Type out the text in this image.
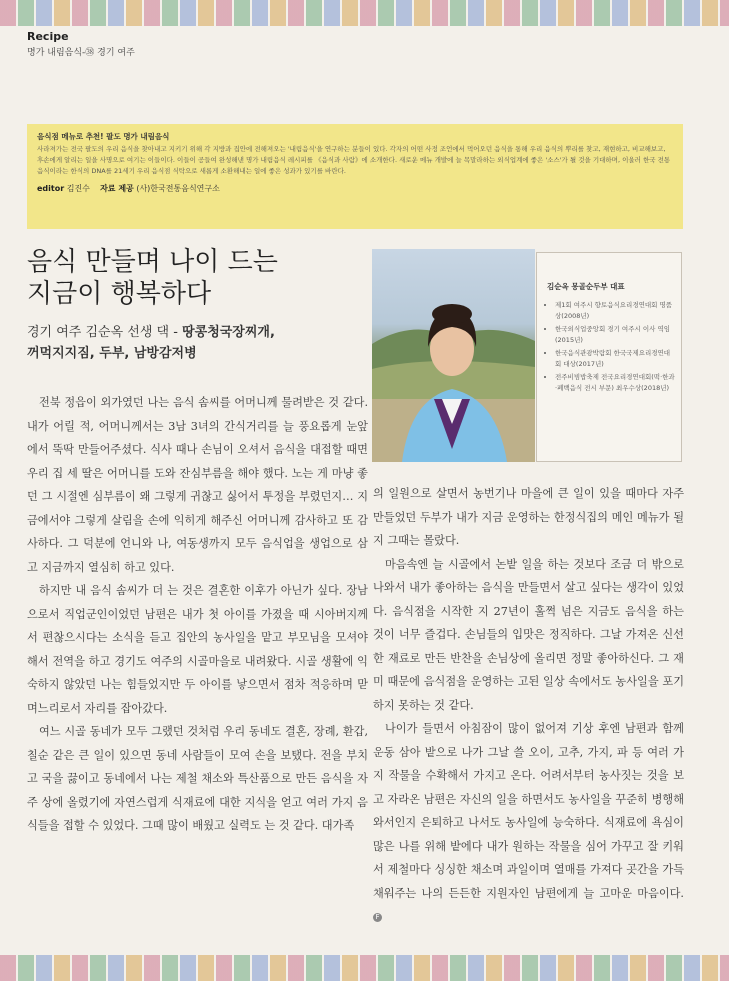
Recipe
명가 내림음식-㊳ 경기 여주
음식점 메뉴로 추천! 팔도 명가 내림음식
사라져가는 전국 팔도의 우리 음식을 찾아내고 지키기 위해 각 지방과 집안에 전해져오는 '내림음식'을 연구하는 분들이 있다. 각자의 어떤 사정 조언에서 먹어오던 음식을 통해 우리 음식의 뿌리를 찾고, 재현하고, 비교해보고, 후손에게 알리는 일을 사명으로 여기는 이들이다. 이들이 공들여 완성해낸 명가 내림음식 레시피를 《음식과 사람》에 소개한다. 새로운 메뉴 개발에 늘 목말라하는 외식업계에 좋은 '소스'가 될 것을 기대하며, 이울러 한국 전통 음식이라는 한식의 DNA를 21세기 우리 음식점 식탁으로 새롭게 소환해내는 일에 좋은 성과가 있기를 바란다.
editor 김진수 자료 제공 (사)한국전통음식연구소
음식 만들며 나이 드는
지금이 행복하다
경기 여주 김순옥 선생 댁 - 땅콩청국장찌개,
꺼먹지지짐, 두부, 남방감저병
김순옥 몽골순두부 대표
• 제1회 여주시 향토음식요리경연대회 명품상(2008년)
• 한국외식업중앙회 경기 여주시 이사 역임(2015년)
• 한국음식관광박람회 한국국제요리경연대회 대상(2017년)
• 전주비빔밥축제 전국요리경연대회(떡·한과·폐백음식 전시 부문) 최우수상(2018년)

전북 정읍이 외가였던 나는 음식 솜씨를 어머니께 물려받은 것 같다. 내가 어릴 적, 어머니께서는 3남 3녀의 간식거리를 늘 풍요롭게 눈앞에서 뚝딱 만들어주셨다. 식사 때나 손님이 오셔서 음식을 대접할 때면 우리 집 세 딸은 어머니를 도와 잔심부름을 해야 했다. 노는 게 마냥 좋던 그 시절엔 심부름이 왜 그렇게 귀찮고 싫어서 투정을 부렸던지… 지금에서야 그렇게 살림을 손에 익히게 해주신 어머니께 감사하고 또 감사하다. 그 덕분에 언니와 나, 여동생까지 모두 음식업을 생업으로 삼고 지금까지 열심히 하고 있다.

하지만 내 음식 솜씨가 더 는 것은 결혼한 이후가 아닌가 싶다. 장남으로서 직업군인이었던 남편은 내가 첫 아이를 가졌을 때 시아버지께서 편찮으시다는 소식을 듣고 집안의 농사일을 맡고 부모님을 모셔야 해서 전역을 하고 경기도 여주의 시골마을로 내려왔다. 시골 생활에 익숙하지 않았던 나는 힘들었지만 두 아이를 낳으면서 점차 적응하며 맏며느리로서 자리를 잡아갔다.

여느 시골 동네가 모두 그랬던 것처럼 우리 동네도 결혼, 장례, 환갑, 칠순 같은 큰 일이 있으면 동네 사람들이 모여 손을 보탰다. 전을 부치고 국을 끓이고 동네에서 나는 제철 채소와 특산품으로 만든 음식을 자주 상에 올렸기에 자연스럽게 식재료에 대한 지식을 얻고 여러 가지 음식들을 접할 수 있었다. 그때 많이 배웠고 실력도 는 것 같다. 대가족

의 일원으로 살면서 농번기나 마을에 큰 일이 있을 때마다 자주 만들었던 두부가 내가 지금 운영하는 한정식집의 메인 메뉴가 될지 그때는 몰랐다.

마음속엔 늘 시골에서 논밭 일을 하는 것보다 조금 더 밖으로 나와서 내가 좋아하는 음식을 만들면서 살고 싶다는 생각이 있었다. 음식점을 시작한 지 27년이 훌쩍 넘은 지금도 음식을 하는 것이 너무 즐겁다. 손님들의 입맛은 정직하다. 그날 가져온 신선한 재료로 만든 반찬을 손님상에 올리면 정말 좋아하신다. 그 재미 때문에 음식점을 운영하는 고된 일상 속에서도 농사일을 포기하지 못하는 것 같다.

나이가 들면서 아침잠이 많이 없어져 기상 후엔 남편과 함께 운동 삼아 밭으로 나가 그날 쓸 오이, 고추, 가지, 파 등 여러 가지 작물을 수확해서 가지고 온다. 어려서부터 농사짓는 것을 보고 자라온 남편은 자신의 일을 하면서도 농사일을 꾸준히 병행해와서인지 은퇴하고 나서도 농사일에 능숙하다. 식재료에 욕심이 많은 나를 위해 밭에다 내가 원하는 작물을 심어 가꾸고 잘 키워서 제철마다 싱싱한 채소며 과일이며 열매를 가져다 곳간을 가득 채워주는 나의 든든한 지원자인 남편에게 늘 고마운 마음이다. F
